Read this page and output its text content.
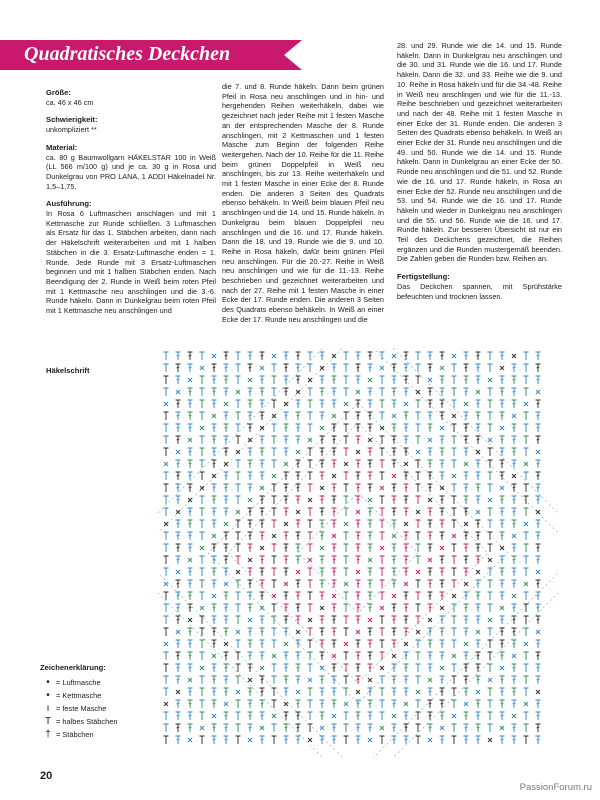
Quadratisches Deckchen
Größe:

ca. 46 x 46 cm

Schwierigkeit:

unkompliziert **

Material:

ca. 80 g Baumwollgarn HÄKELSTAR 100 in Weiß (LL 566 m/100 g) und je ca. 30 g in Rosa und Dunkelgrau von PRO LANA, 1 ADDI Häkelnadel Nr. 1,5–1,75.

Ausführung:

In Rosa 6 Luftmaschen anschlagen und mit 1 Kettmasche zur Runde schließen. 3 Luftmaschen als Ersatz für das 1. Stäbchen arbeiten, dann nach der Häkelschrift weiterarbeiten und mit 1 halben Stäbchen in die 3. Ersatz-Luftmasche enden = 1. Runde. Jede Runde mit 3 Ersatz-Luftmaschen beginnen und mit 1 halben Stäbchen enden. Nach Beendigung der 2. Runde in Weiß beim roten Pfeil mit 1 Kettmasche neu anschlingen und die 3.-6. Runde häkeln. Dann in Dunkelgrau beim roten Pfeil mit 1 Kettmasche neu anschlingen und

die 7. und 8. Runde häkeln. Dann beim grünen Pfeil in Rosa neu anschlingen und in hin- und hergehenden Reihen weiterhäkeln, dabei wie gezeichnet nach jeder Reihe mit 1 festen Masche an der entsprechenden Masche der 8. Runde anschlingen, mit 2 Kettmaschen und 1 festen Masche zum Beginn der folgenden Reihe weitergehen. Nach der 10. Reihe für die 11. Reihe beim grünen Doppelpfeil in Weiß neu anschlingen, bis zur 13. Reihe weiterhäkeln und mit 1 festen Masche in einer Ecke der 8. Runde enden. Die anderen 3 Seiten des Quadrats ebenso behäkeln. In Weiß beim blauen Pfeil neu anschlingen und die 14. und 15. Runde häkeln. In Dunkelgrau beim blauen Doppelpfeil neu anschlingen und die 16. und 17. Runde häkeln. Dann die 18. und 19. Runde wie die 9. und 10. Reihe in Rosa häkeln, dafür beim grünen Pfeil neu anschlingen. Für die 20.-27. Reihe in Weiß neu anschlingen und wie für die 11.-13. Reihe beschrieben und gezeichnet weiterarbeiten und nach der 27. Reihe mit 1 festen Masche in einer Ecke der 17. Runde enden. Die anderen 3 Seiten des Quadrats ebenso behäkeln. In Weiß an einer Ecke der 17. Runde neu anschlingen und die

28. und 29. Runde wie die 14. und 15. Runde häkeln. Dann in Dunkelgrau neu anschlingen und die 30. und 31. Runde wie die 16. und 17. Runde häkeln. Dann die 32. und 33. Reihe wie die 9. und 10. Reihe in Rosa häkeln und für die 34.-48. Reihe in Weiß neu anschlingen und wie für die 11.-13. Reihe beschrieben und gezeichnet weiterarbeiten und nach der 48. Reihe mit 1 festen Masche in einer Ecke der 31. Runde enden. Die anderen 3 Seiten des Quadrats ebenso behäkeln. In Weiß an einer Ecke der 31. Runde neu anschlingen und die 49. und 50. Runde wie die 14. und 15. Runde häkeln. Dann in Dunkelgrau an einer Ecke der 50. Runde neu anschlingen und die 51. und 52. Runde wie die 16. und 17. Runde häkeln, in Rosa an einer Ecke der 52. Runde neu anschlingen und die 53. und 54. Runde wie die 16. und 17. Runde häkeln und wieder in Dunkelgrau neu anschlingen und die 55. und 56. Runde wie die 16. und 17. Runde häkeln. Zur besseren Übersicht ist nur ein Teil des Deckchens gezeichnet, die Reihen ergänzen und die Runden mustergemäß beenden. Die Zahlen geben die Runden bzw. Reihen an.

Fertigstellung:

Das Deckchen spannen, mit Sprühstärke befeuchten und trocknen lassen.

Häkelschrift
Zeichenerklärung:
• = Luftmasche
• = Kettmasche
ı = feste Masche
T = halbes Stäbchen
† = Stäbchen
20
PassionForum.ru
